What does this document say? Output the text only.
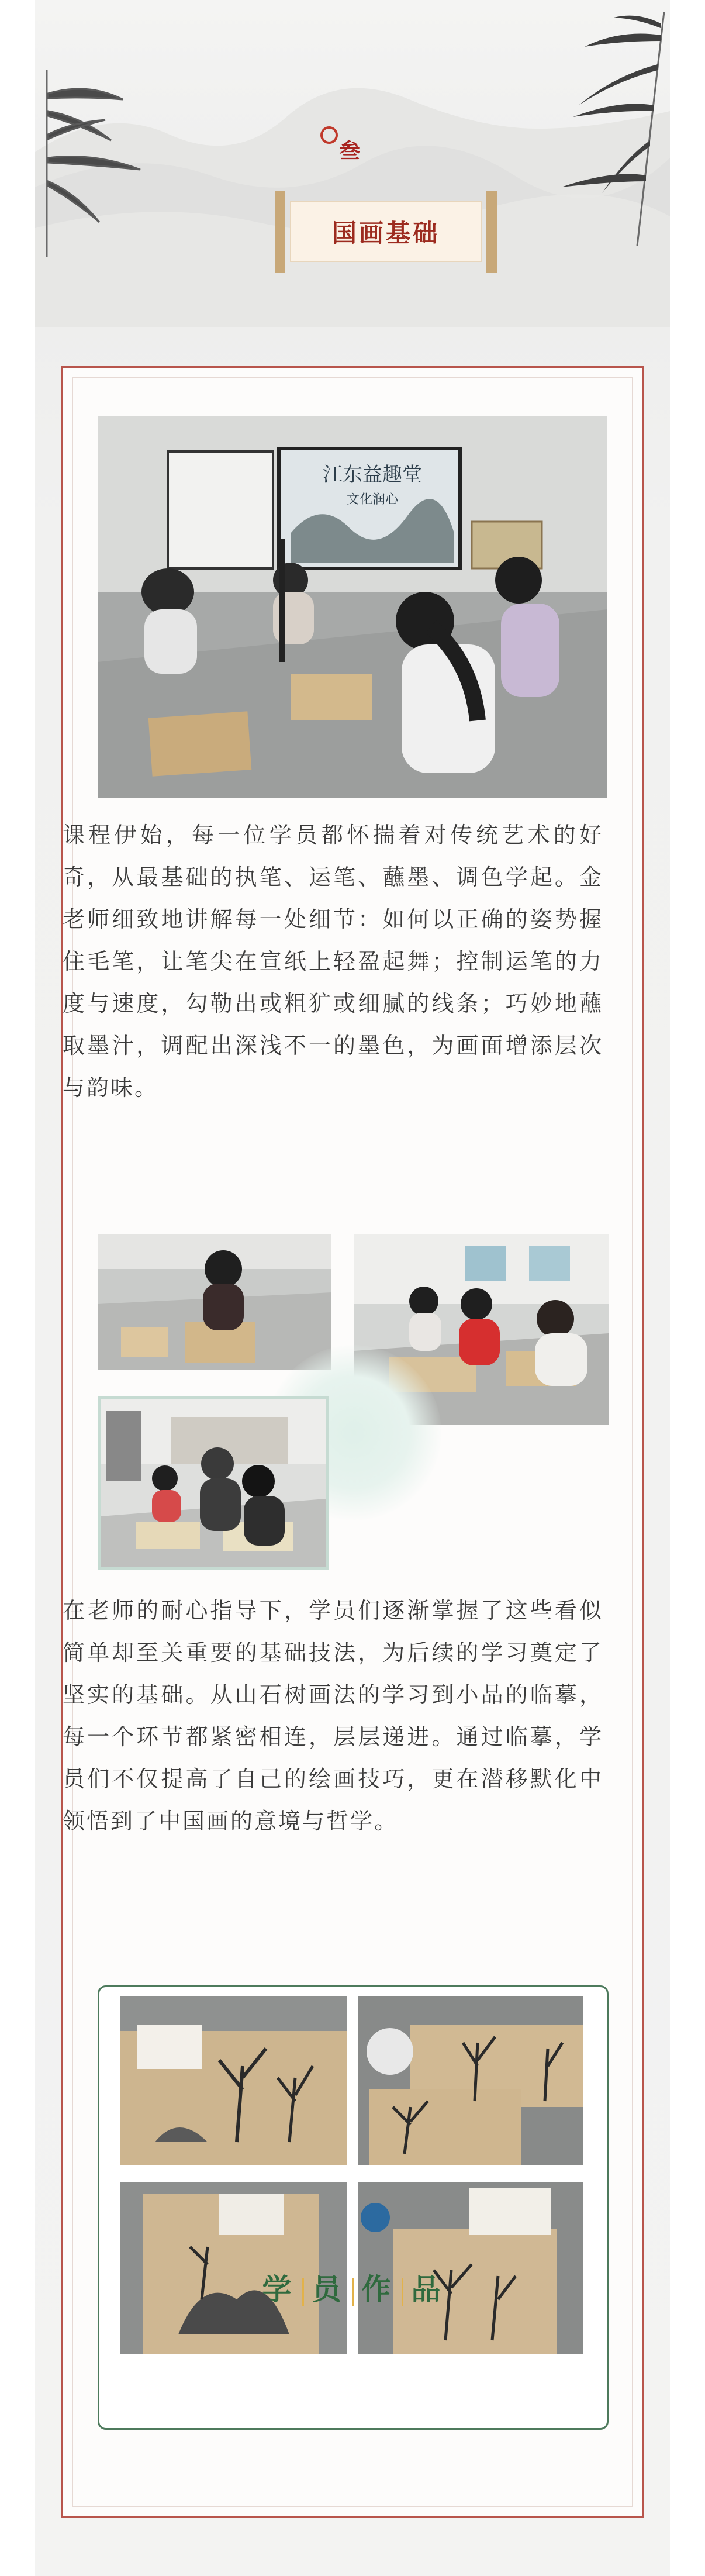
叁
国画基础
江东益趣堂
文化润心

课程伊始，每一位学员都怀揣着对传统艺术的好奇，从最基础的执笔、运笔、蘸墨、调色学起。金老师细致地讲解每一处细节：如何以正确的姿势握住毛笔，让笔尖在宣纸上轻盈起舞；控制运笔的力度与速度，勾勒出或粗犷或细腻的线条；巧妙地蘸取墨汁，调配出深浅不一的墨色，为画面增添层次与韵味。

在老师的耐心指导下，学员们逐渐掌握了这些看似简单却至关重要的基础技法，为后续的学习奠定了坚实的基础。从山石树画法的学习到小品的临摹，每一个环节都紧密相连，层层递进。通过临摹，学员们不仅提高了自己的绘画技巧，更在潜移默化中领悟到了中国画的意境与哲学。

学 员 作 品
